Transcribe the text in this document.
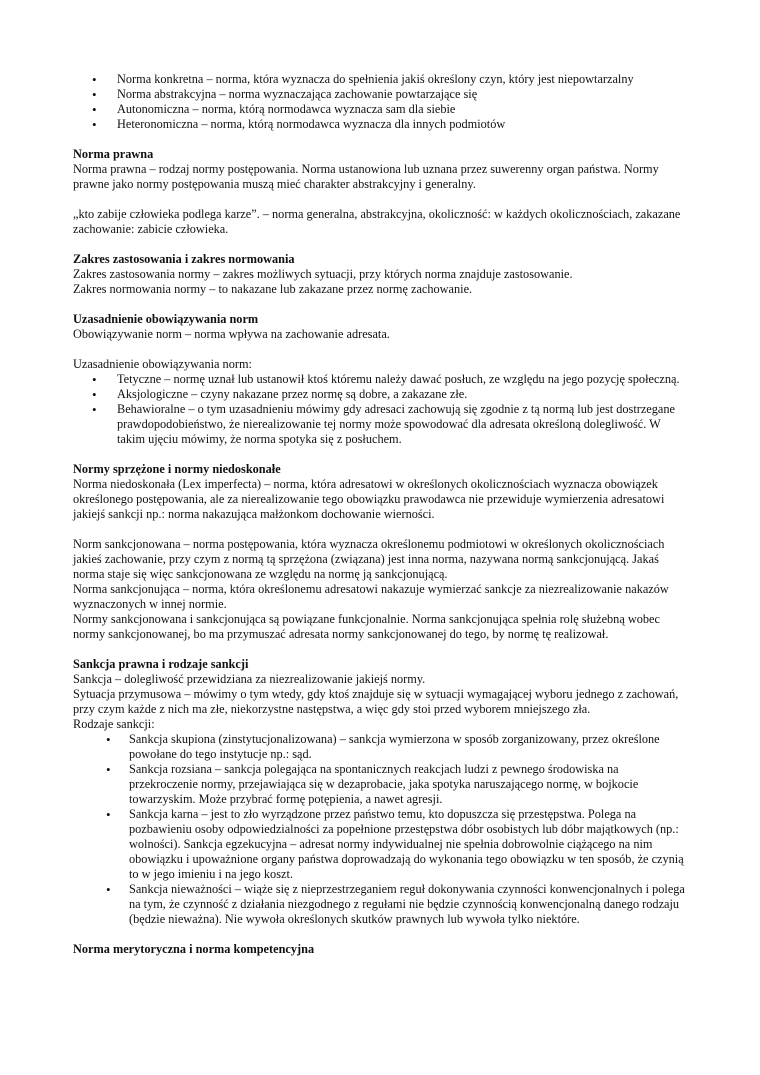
• Norma konkretna – norma, która wyznacza do spełnienia jakiś określony czyn, który jest niepowtarzalny
• Norma abstrakcyjna – norma wyznaczająca zachowanie powtarzające się
• Autonomiczna – norma, którą normodawca wyznacza sam dla siebie
• Heteronomiczna – norma, którą normodawca wyznacza dla innych podmiotów

Norma prawna

Norma prawna – rodzaj normy postępowania. Norma ustanowiona lub uznana przez suwerenny organ państwa. Normy prawne jako normy postępowania muszą mieć charakter abstrakcyjny i generalny.

„kto zabije człowieka podlega karze”. – norma generalna, abstrakcyjna, okoliczność: w każdych okolicznościach, zakazane zachowanie: zabicie człowieka.

Zakres zastosowania i zakres normowania

Zakres zastosowania normy – zakres możliwych sytuacji, przy których norma znajduje zastosowanie.

Zakres normowania normy – to nakazane lub zakazane przez normę zachowanie.

Uzasadnienie obowiązywania norm

Obowiązywanie norm – norma wpływa na zachowanie adresata.

Uzasadnienie obowiązywania norm:

• Tetyczne – normę uznał lub ustanowił ktoś któremu należy dawać posłuch, ze względu na jego pozycję społeczną.
• Aksjologiczne – czyny nakazane przez normę są dobre, a zakazane złe.
• Behawioralne – o tym uzasadnieniu mówimy gdy adresaci zachowują się zgodnie z tą normą lub jest dostrzegane prawdopodobieństwo, że nierealizowanie tej normy może spowodować dla adresata określoną dolegliwość. W takim ujęciu mówimy, że norma spotyka się z posłuchem.

Normy sprzężone i normy niedoskonałe

Norma niedoskonała (Lex imperfecta) – norma, która adresatowi w określonych okolicznościach wyznacza obowiązek określonego postępowania, ale za nierealizowanie tego obowiązku prawodawca nie przewiduje wymierzenia adresatowi jakiejś sankcji np.: norma nakazująca małżonkom dochowanie wierności.

Norm sankcjonowana – norma postępowania, która wyznacza określonemu podmiotowi w określonych okolicznościach jakieś zachowanie, przy czym z normą tą sprzężona (związana) jest inna norma, nazywana normą sankcjonującą. Jakaś norma staje się więc sankcjonowana ze względu na normę ją sankcjonującą.

Norma sankcjonująca – norma, która określonemu adresatowi nakazuje wymierzać sankcje za niezrealizowanie nakazów wyznaczonych w innej normie.

Normy sankcjonowana i sankcjonująca są powiązane funkcjonalnie. Norma sankcjonująca spełnia rolę służebną wobec normy sankcjonowanej, bo ma przymuszać adresata normy sankcjonowanej do tego, by normę tę realizował.

Sankcja prawna i rodzaje sankcji

Sankcja – dolegliwość przewidziana za niezrealizowanie jakiejś normy.

Sytuacja przymusowa – mówimy o tym wtedy, gdy ktoś znajduje się w sytuacji wymagającej wyboru jednego z zachowań, przy czym każde z nich ma złe, niekorzystne następstwa, a więc gdy stoi przed wyborem mniejszego zła.

Rodzaje sankcji:

• Sankcja skupiona (zinstytucjonalizowana) – sankcja wymierzona w sposób zorganizowany, przez określone powołane do tego instytucje np.: sąd.
• Sankcja rozsiana – sankcja polegająca na spontanicznych reakcjach ludzi z pewnego środowiska na przekroczenie normy, przejawiająca się w dezaprobacie, jaka spotyka naruszającego normę, w bojkocie towarzyskim. Może przybrać formę potępienia, a nawet agresji.
• Sankcja karna – jest to zło wyrządzone przez państwo temu, kto dopuszcza się przestępstwa. Polega na pozbawieniu osoby odpowiedzialności za popełnione przestępstwa dóbr osobistych lub dóbr majątkowych (np.: wolności). Sankcja egzekucyjna – adresat normy indywidualnej nie spełnia dobrowolnie ciążącego na nim obowiązku i upoważnione organy państwa doprowadzają do wykonania tego obowiązku w ten sposób, że czynią to w jego imieniu i na jego koszt.
• Sankcja nieważności – wiąże się z nieprzestrzeganiem reguł dokonywania czynności konwencjonalnych i polega na tym, że czynność z działania niezgodnego z regułami nie będzie czynnością konwencjonalną danego rodzaju (będzie nieważna). Nie wywoła określonych skutków prawnych lub wywoła tylko niektóre.

Norma merytoryczna i norma kompetencyjna
